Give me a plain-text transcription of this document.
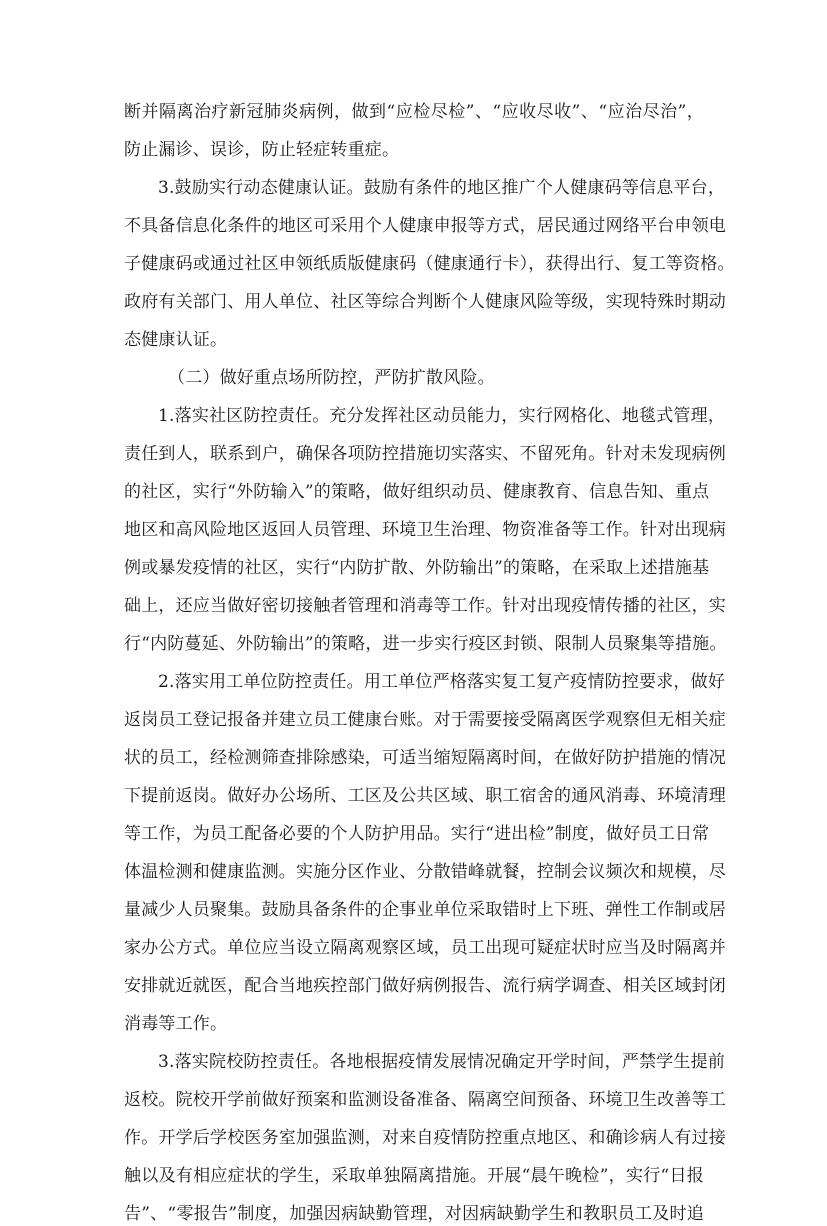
断并隔离治疗新冠肺炎病例，做到“应检尽检”、“应收尽收”、“应治尽治”，
防止漏诊、误诊，防止轻症转重症。
3.鼓励实行动态健康认证。鼓励有条件的地区推广个人健康码等信息平台，
不具备信息化条件的地区可采用个人健康申报等方式，居民通过网络平台申领电
子健康码或通过社区申领纸质版健康码（健康通行卡），获得出行、复工等资格。
政府有关部门、用人单位、社区等综合判断个人健康风险等级，实现特殊时期动
态健康认证。
（二）做好重点场所防控，严防扩散风险。
1.落实社区防控责任。充分发挥社区动员能力，实行网格化、地毯式管理，
责任到人，联系到户，确保各项防控措施切实落实、不留死角。针对未发现病例
的社区，实行“外防输入”的策略，做好组织动员、健康教育、信息告知、重点
地区和高风险地区返回人员管理、环境卫生治理、物资准备等工作。针对出现病
例或暴发疫情的社区，实行“内防扩散、外防输出”的策略，在采取上述措施基
础上，还应当做好密切接触者管理和消毒等工作。针对出现疫情传播的社区，实
行“内防蔓延、外防输出”的策略，进一步实行疫区封锁、限制人员聚集等措施。
2.落实用工单位防控责任。用工单位严格落实复工复产疫情防控要求，做好
返岗员工登记报备并建立员工健康台账。对于需要接受隔离医学观察但无相关症
状的员工，经检测筛查排除感染，可适当缩短隔离时间，在做好防护措施的情况
下提前返岗。做好办公场所、工区及公共区域、职工宿舍的通风消毒、环境清理
等工作，为员工配备必要的个人防护用品。实行“进出检”制度，做好员工日常
体温检测和健康监测。实施分区作业、分散错峰就餐，控制会议频次和规模，尽
量减少人员聚集。鼓励具备条件的企事业单位采取错时上下班、弹性工作制或居
家办公方式。单位应当设立隔离观察区域，员工出现可疑症状时应当及时隔离并
安排就近就医，配合当地疾控部门做好病例报告、流行病学调查、相关区域封闭
消毒等工作。
3.落实院校防控责任。各地根据疫情发展情况确定开学时间，严禁学生提前
返校。院校开学前做好预案和监测设备准备、隔离空间预备、环境卫生改善等工
作。开学后学校医务室加强监测，对来自疫情防控重点地区、和确诊病人有过接
触以及有相应症状的学生，采取单独隔离措施。开展“晨午晚检”，实行“日报
告”、“零报告”制度，加强因病缺勤管理，对因病缺勤学生和教职员工及时追
